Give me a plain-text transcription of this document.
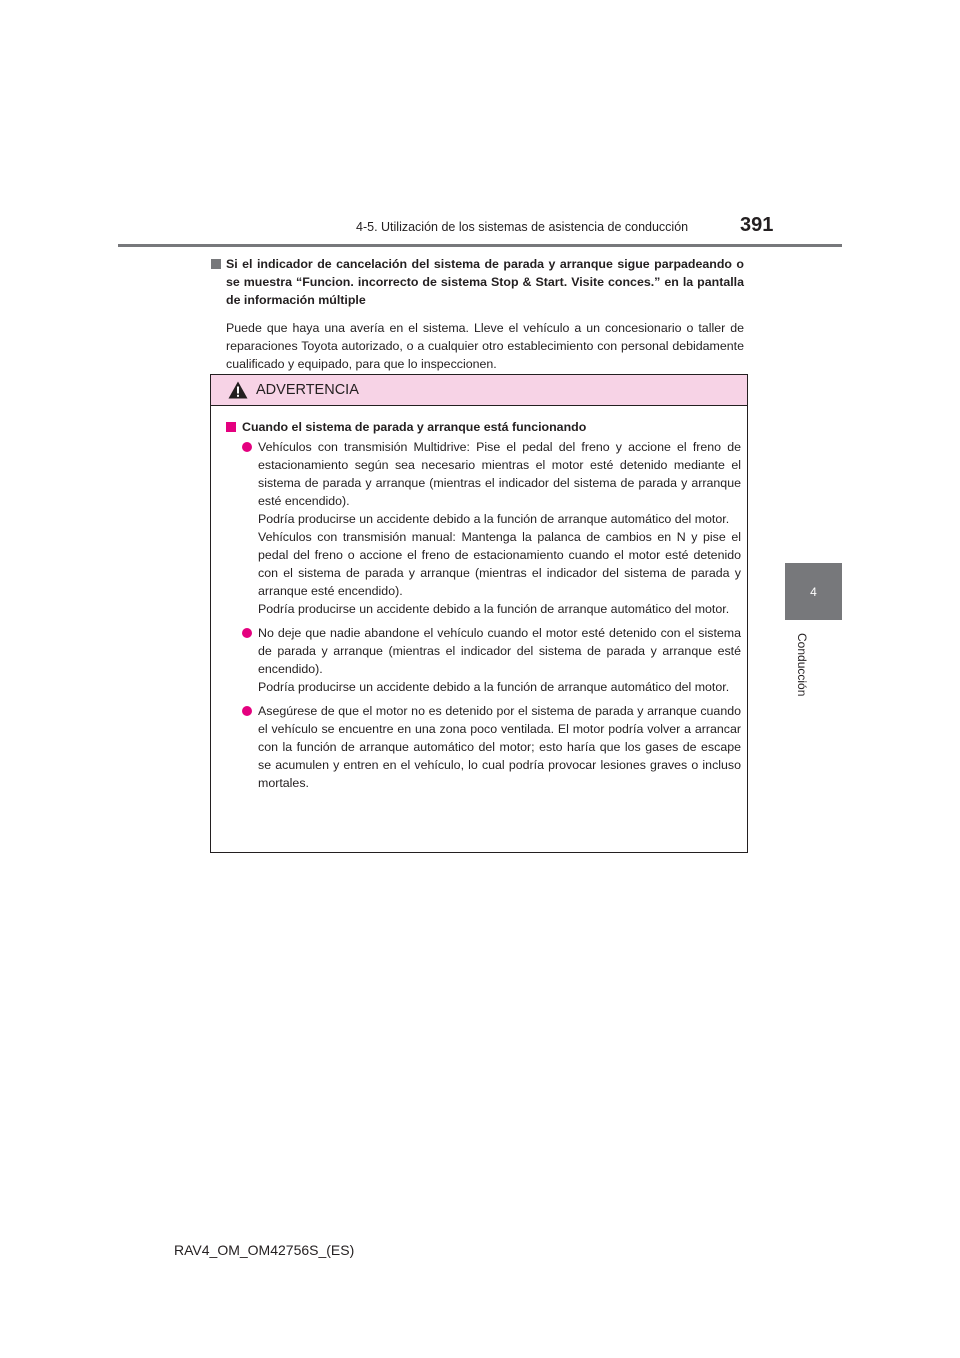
4-5. Utilización de los sistemas de asistencia de conducción	391
4
Conducción

Si el indicador de cancelación del sistema de parada y arranque sigue parpadeando o se muestra “Funcion. incorrecto de sistema Stop & Start. Visite conces.” en la pantalla de información múltiple

Puede que haya una avería en el sistema. Lleve el vehículo a un concesionario o taller de reparaciones Toyota autorizado, o a cualquier otro establecimiento con personal debidamente cualificado y equipado, para que lo inspeccionen.

ADVERTENCIA

Cuando el sistema de parada y arranque está funcionando

Vehículos con transmisión Multidrive: Pise el pedal del freno y accione el freno de estacionamiento según sea necesario mientras el motor esté detenido mediante el sistema de parada y arranque (mientras el indicador del sistema de parada y arranque esté encendido).

Podría producirse un accidente debido a la función de arranque automático del motor.

Vehículos con transmisión manual: Mantenga la palanca de cambios en N y pise el pedal del freno o accione el freno de estacionamiento cuando el motor esté detenido con el sistema de parada y arranque (mientras el indicador del sistema de parada y arranque esté encendido).

Podría producirse un accidente debido a la función de arranque automático del motor.

No deje que nadie abandone el vehículo cuando el motor esté detenido con el sistema de parada y arranque (mientras el indicador del sistema de parada y arranque esté encendido).

Podría producirse un accidente debido a la función de arranque automático del motor.

Asegúrese de que el motor no es detenido por el sistema de parada y arranque cuando el vehículo se encuentre en una zona poco ventilada. El motor podría volver a arrancar con la función de arranque automático del motor; esto haría que los gases de escape se acumulen y entren en el vehículo, lo cual podría provocar lesiones graves o incluso mortales.

RAV4_OM_OM42756S_(ES)
